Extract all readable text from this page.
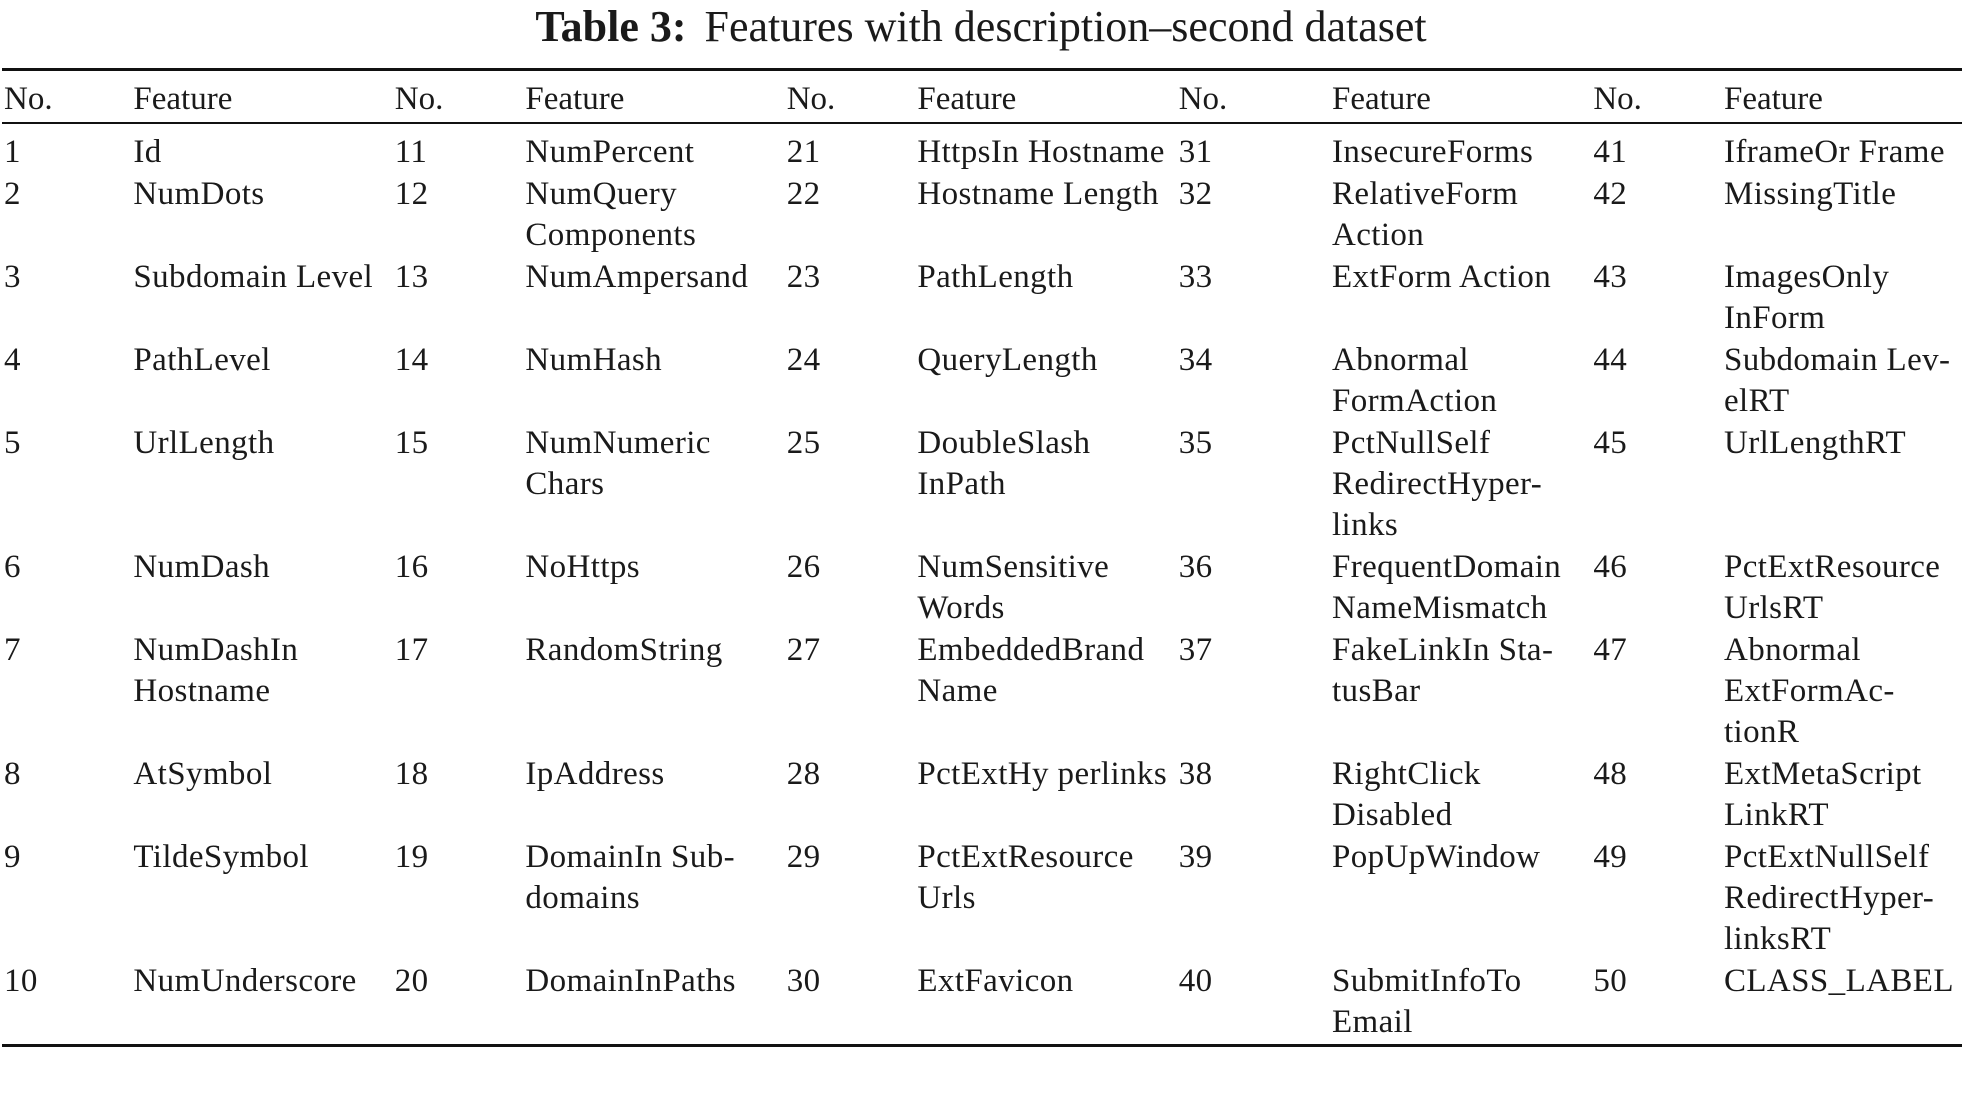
Table 3: Features with description–second dataset
No.	Feature	No.	Feature	No.	Feature	No.	Feature	No.	Feature
1	Id	11	NumPercent	21	HttpsIn Hostname	31	InsecureForms	41	IframeOr Frame
2	NumDots	12	NumQuery Components	22	Hostname Length	32	RelativeForm Action	42	MissingTitle
3	Subdomain Level	13	NumAmpersand	23	PathLength	33	ExtForm Action	43	ImagesOnly InForm
4	PathLevel	14	NumHash	24	QueryLength	34	Abnormal FormAction	44	Subdomain Lev-elRT
5	UrlLength	15	NumNumeric Chars	25	DoubleSlash InPath	35	PctNullSelf RedirectHyper-links	45	UrlLengthRT
6	NumDash	16	NoHttps	26	NumSensitive Words	36	FrequentDomain NameMismatch	46	PctExtResource UrlsRT
7	NumDashIn Hostname	17	RandomString	27	EmbeddedBrand Name	37	FakeLinkIn Sta-tusBar	47	Abnormal ExtFormAc-tionR
8	AtSymbol	18	IpAddress	28	PctExtHy perlinks	38	RightClick Disabled	48	ExtMetaScript LinkRT
9	TildeSymbol	19	DomainIn Sub-domains	29	PctExtResource Urls	39	PopUpWindow	49	PctExtNullSelf RedirectHyper-linksRT
10	NumUnderscore	20	DomainInPaths	30	ExtFavicon	40	SubmitInfoTo Email	50	CLASS_LABEL
